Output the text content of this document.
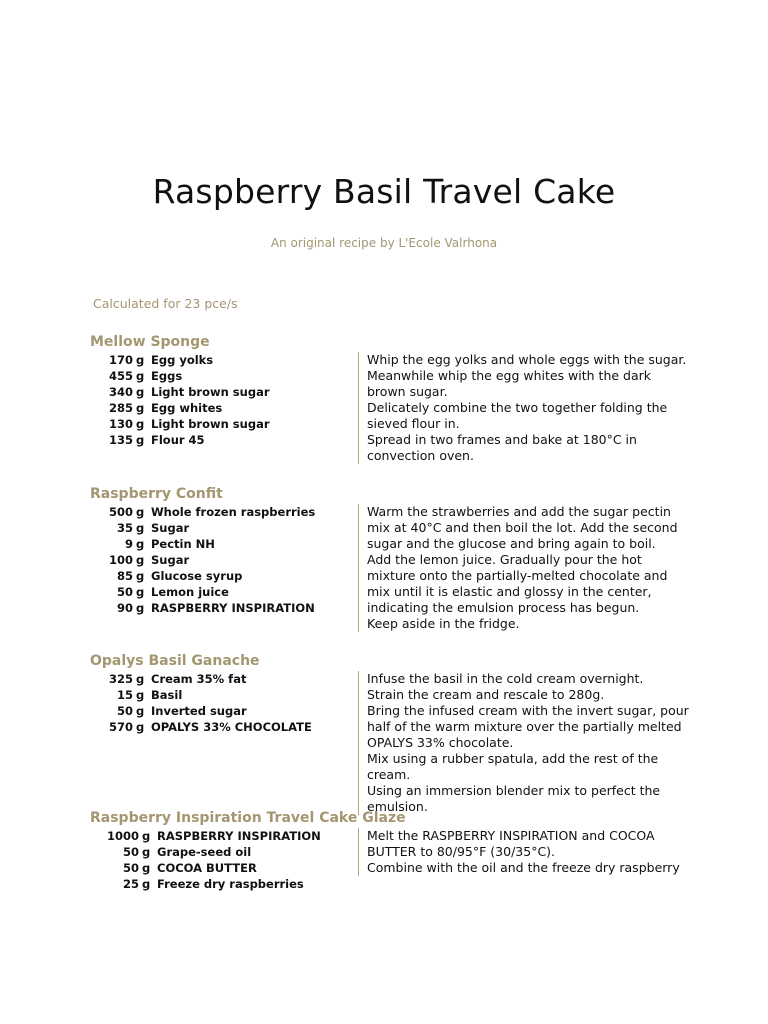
Raspberry Basil Travel Cake
An original recipe by L'Ecole Valrhona
Calculated for 23 pce/s
Mellow Sponge
170 g Egg yolks
455 g Eggs
340 g Light brown sugar
285 g Egg whites
130 g Light brown sugar
135 g Flour 45
Whip the egg yolks and whole eggs with the sugar.
Meanwhile whip the egg whites with the dark
brown sugar.
Delicately combine the two together folding the
sieved flour in.
Spread in two frames and bake at 180°C in
convection oven.
Raspberry Confit
500 g Whole frozen raspberries
35 g Sugar
9 g Pectin NH
100 g Sugar
85 g Glucose syrup
50 g Lemon juice
90 g RASPBERRY INSPIRATION
Warm the strawberries and add the sugar pectin
mix at 40°C and then boil the lot. Add the second
sugar and the glucose and bring again to boil.
Add the lemon juice. Gradually pour the hot
mixture onto the partially-melted chocolate and
mix until it is elastic and glossy in the center,
indicating the emulsion process has begun.
Keep aside in the fridge.
Opalys Basil Ganache
325 g Cream 35% fat
15 g Basil
50 g Inverted sugar
570 g OPALYS 33% CHOCOLATE
Infuse the basil in the cold cream overnight.
Strain the cream and rescale to 280g.
Bring the infused cream with the invert sugar, pour
half of the warm mixture over the partially melted
OPALYS 33% chocolate.
Mix using a rubber spatula, add the rest of the
cream.
Using an immersion blender mix to perfect the
emulsion.
Raspberry Inspiration Travel Cake Glaze
1000 g RASPBERRY INSPIRATION
50 g Grape-seed oil
50 g COCOA BUTTER
25 g Freeze dry raspberries
Melt the RASPBERRY INSPIRATION and COCOA
BUTTER to 80/95°F (30/35°C).
Combine with the oil and the freeze dry raspberry
